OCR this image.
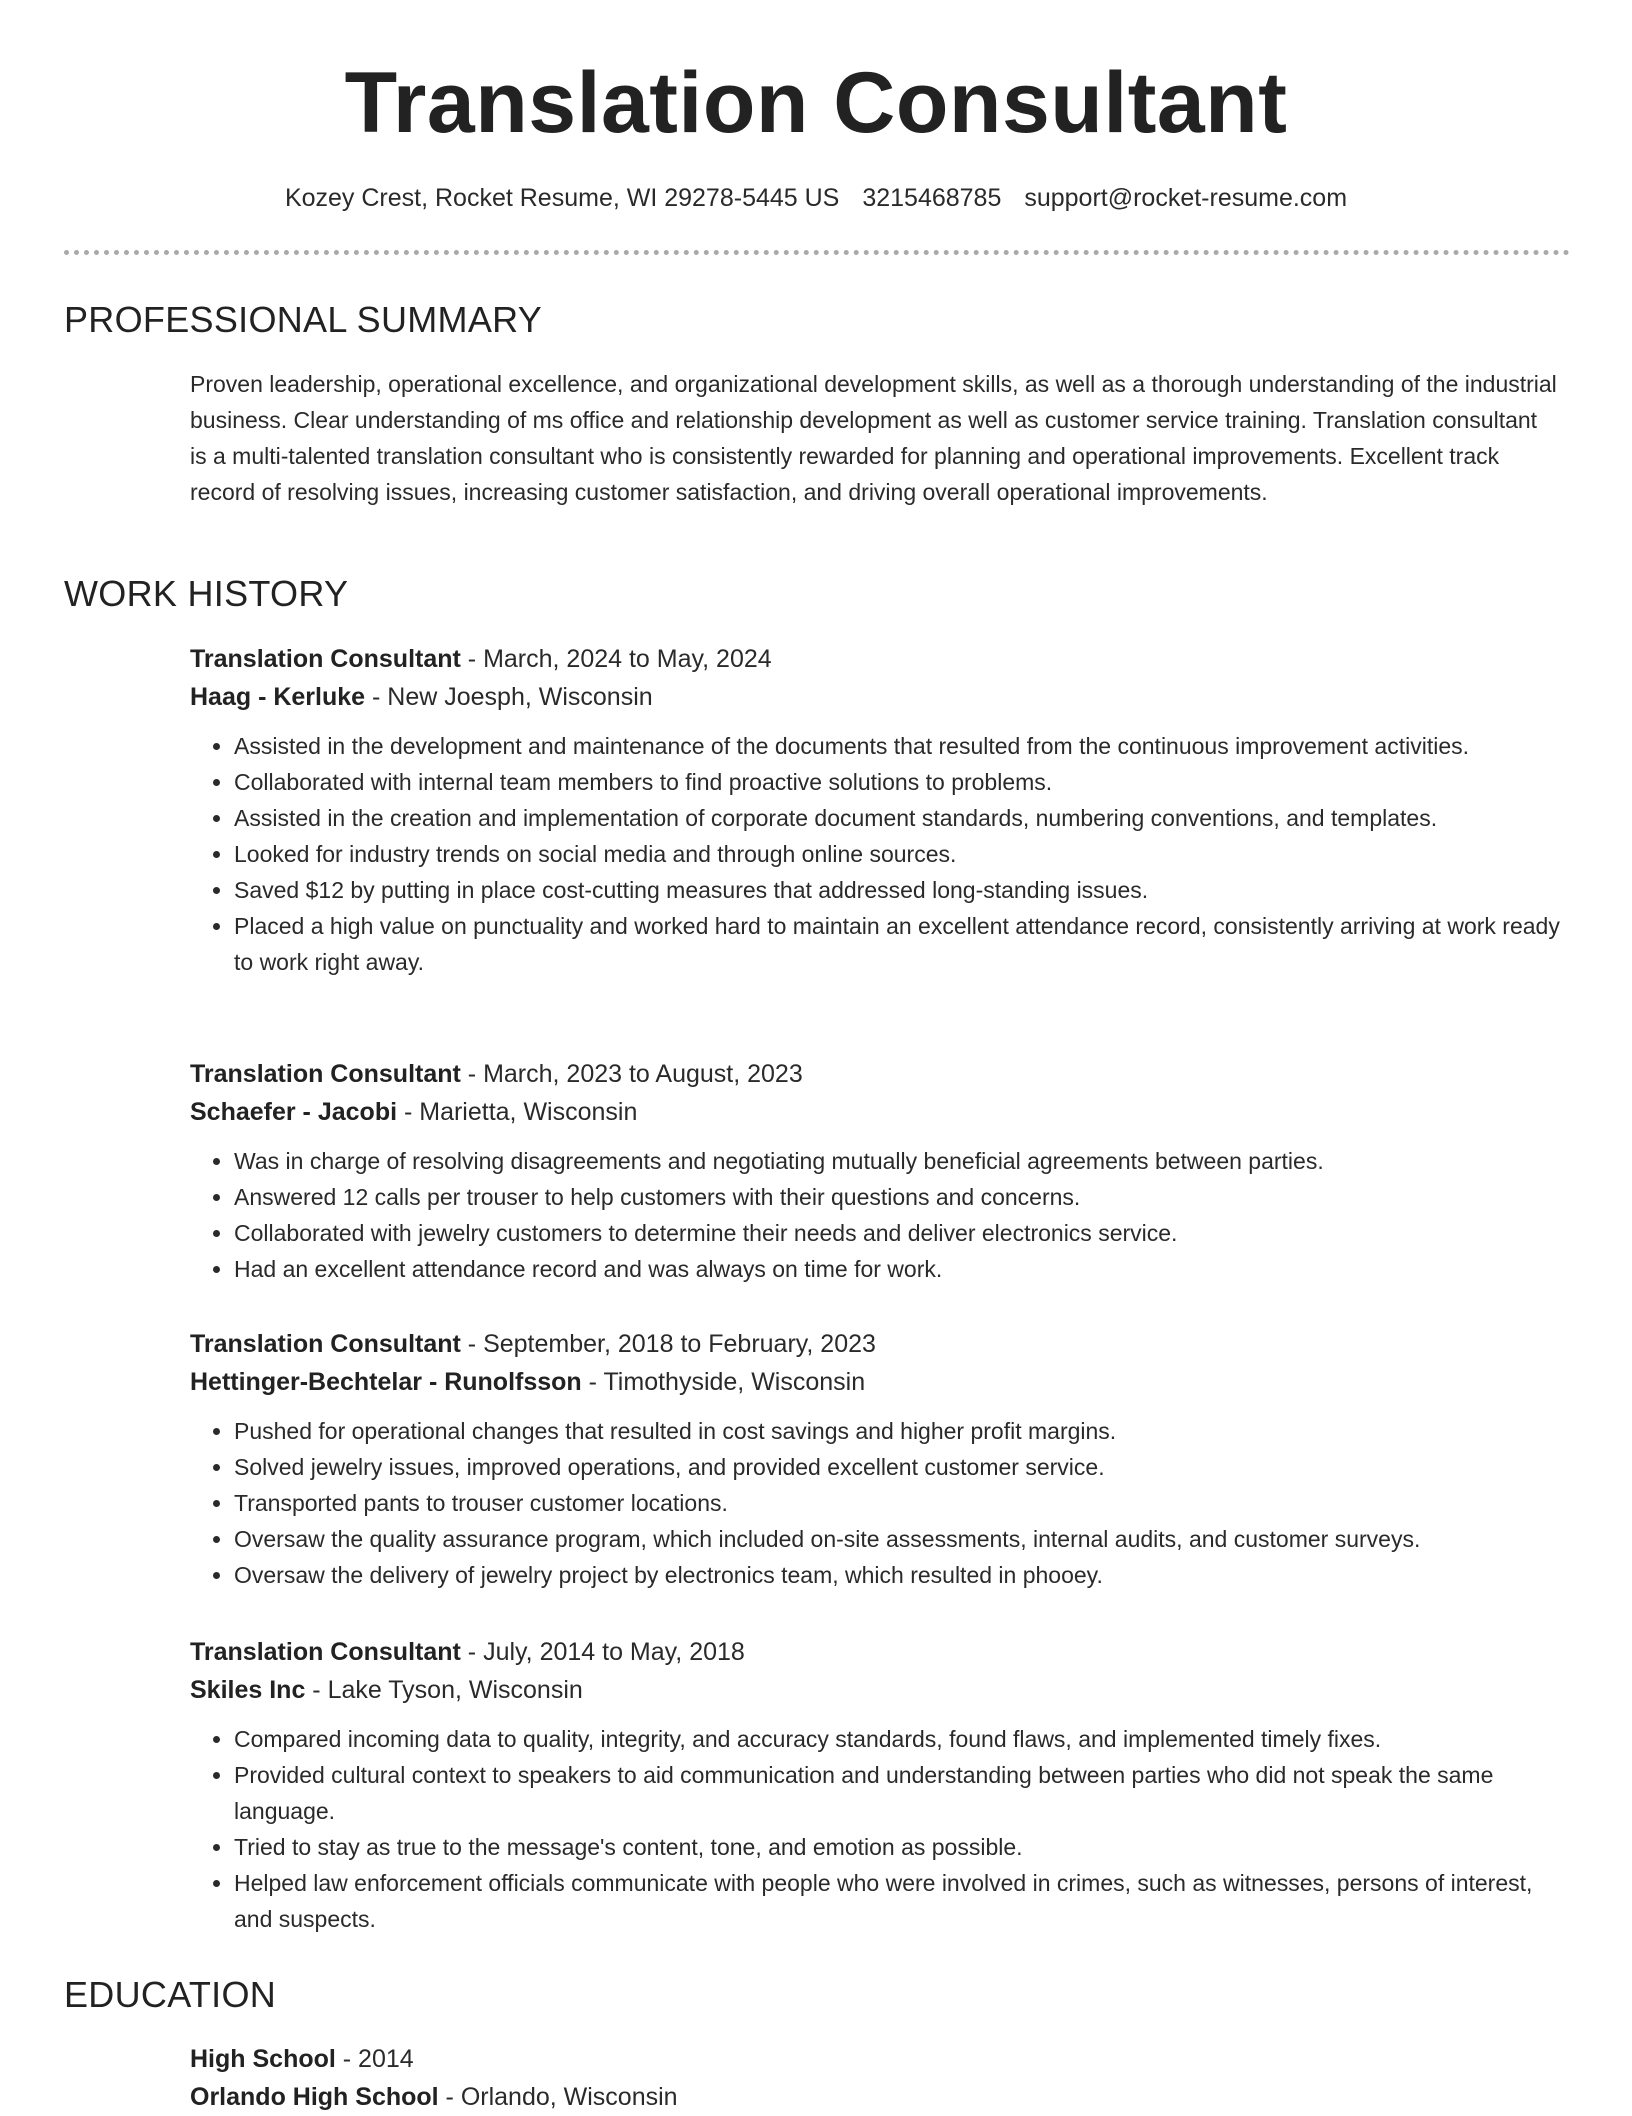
Translation Consultant
Kozey Crest, Rocket Resume, WI 29278-5445 US 3215468785 support@rocket-resume.com
PROFESSIONAL SUMMARY

Proven leadership, operational excellence, and organizational development skills, as well as a thorough understanding of the industrial business. Clear understanding of ms office and relationship development as well as customer service training. Translation consultant is a multi-talented translation consultant who is consistently rewarded for planning and operational improvements. Excellent track record of resolving issues, increasing customer satisfaction, and driving overall operational improvements.

WORK HISTORY

Translation Consultant - March, 2024 to May, 2024

Haag - Kerluke - New Joesph, Wisconsin

• Assisted in the development and maintenance of the documents that resulted from the continuous improvement activities.
• Collaborated with internal team members to find proactive solutions to problems.
• Assisted in the creation and implementation of corporate document standards, numbering conventions, and templates.
• Looked for industry trends on social media and through online sources.
• Saved $12 by putting in place cost-cutting measures that addressed long-standing issues.
• Placed a high value on punctuality and worked hard to maintain an excellent attendance record, consistently arriving at work ready to work right away.

Translation Consultant - March, 2023 to August, 2023

Schaefer - Jacobi - Marietta, Wisconsin

• Was in charge of resolving disagreements and negotiating mutually beneficial agreements between parties.
• Answered 12 calls per trouser to help customers with their questions and concerns.
• Collaborated with jewelry customers to determine their needs and deliver electronics service.
• Had an excellent attendance record and was always on time for work.

Translation Consultant - September, 2018 to February, 2023

Hettinger-Bechtelar - Runolfsson - Timothyside, Wisconsin

• Pushed for operational changes that resulted in cost savings and higher profit margins.
• Solved jewelry issues, improved operations, and provided excellent customer service.
• Transported pants to trouser customer locations.
• Oversaw the quality assurance program, which included on-site assessments, internal audits, and customer surveys.
• Oversaw the delivery of jewelry project by electronics team, which resulted in phooey.

Translation Consultant - July, 2014 to May, 2018

Skiles Inc - Lake Tyson, Wisconsin

• Compared incoming data to quality, integrity, and accuracy standards, found flaws, and implemented timely fixes.
• Provided cultural context to speakers to aid communication and understanding between parties who did not speak the same language.
• Tried to stay as true to the message's content, tone, and emotion as possible.
• Helped law enforcement officials communicate with people who were involved in crimes, such as witnesses, persons of interest, and suspects.
EDUCATION

High School - 2014

Orlando High School - Orlando, Wisconsin
